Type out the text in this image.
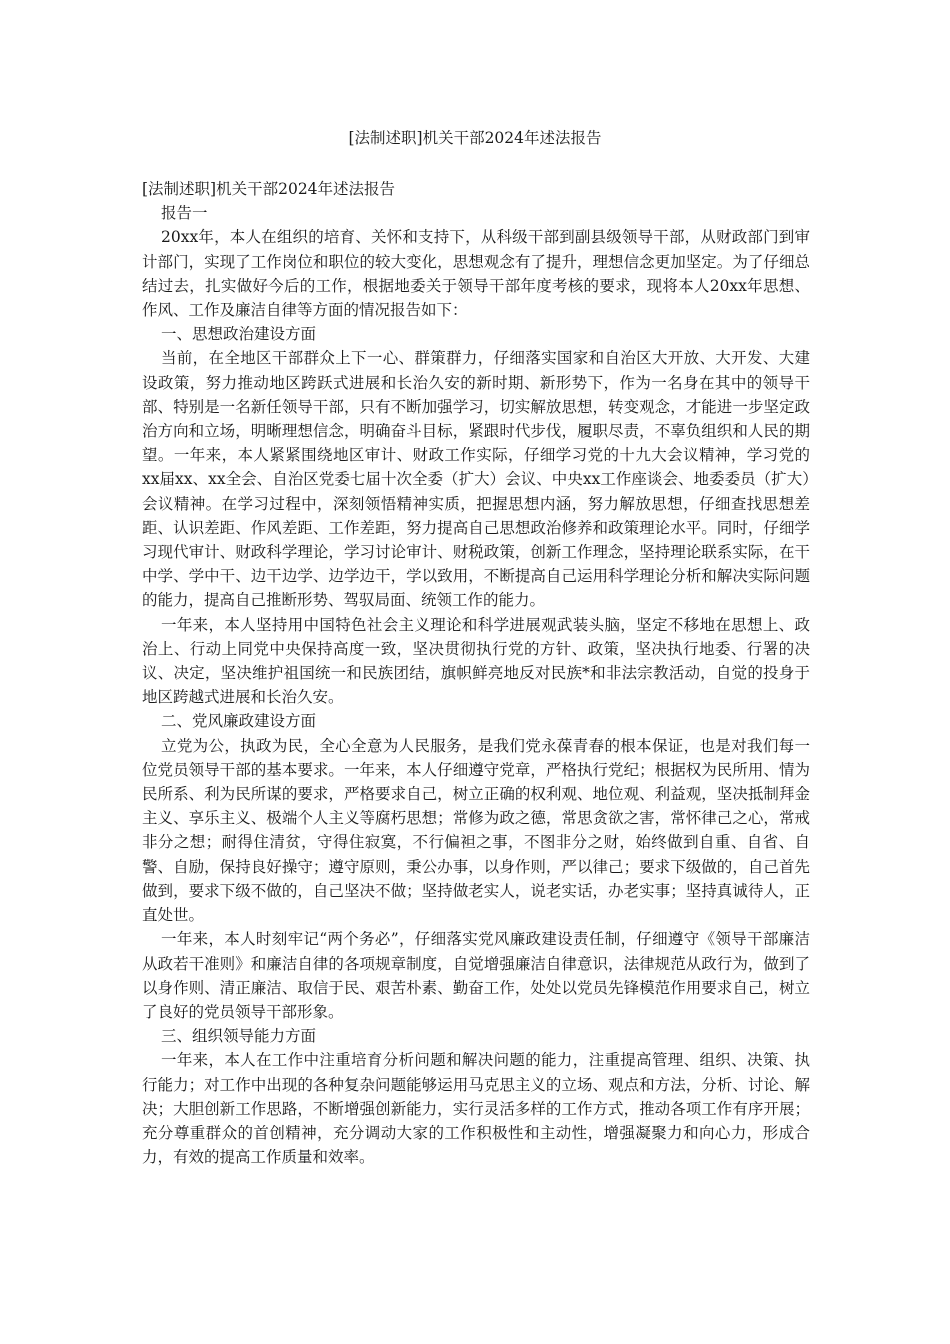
[法制述职]机关干部2024年述法报告

[法制述职]机关干部2024年述法报告

报告一

20xx年，本人在组织的培育、关怀和支持下，从科级干部到副县级领导干部，从财政部门到审计部门，实现了工作岗位和职位的较大变化，思想观念有了提升，理想信念更加坚定。为了仔细总结过去，扎实做好今后的工作，根据地委关于领导干部年度考核的要求，现将本人20xx年思想、作风、工作及廉洁自律等方面的情况报告如下：

一、思想政治建设方面

当前，在全地区干部群众上下一心、群策群力，仔细落实国家和自治区大开放、大开发、大建设政策，努力推动地区跨跃式进展和长治久安的新时期、新形势下，作为一名身在其中的领导干部、特别是一名新任领导干部，只有不断加强学习，切实解放思想，转变观念，才能进一步坚定政治方向和立场，明晰理想信念，明确奋斗目标，紧跟时代步伐，履职尽责，不辜负组织和人民的期望。一年来，本人紧紧围绕地区审计、财政工作实际，仔细学习党的十九大会议精神，学习党的xx届xx、xx全会、自治区党委七届十次全委（扩大）会议、中央xx工作座谈会、地委委员（扩大）会议精神。在学习过程中，深刻领悟精神实质，把握思想内涵，努力解放思想，仔细查找思想差距、认识差距、作风差距、工作差距，努力提高自己思想政治修养和政策理论水平。同时，仔细学习现代审计、财政科学理论，学习讨论审计、财税政策，创新工作理念，坚持理论联系实际，在干中学、学中干、边干边学、边学边干，学以致用，不断提高自己运用科学理论分析和解决实际问题的能力，提高自己推断形势、驾驭局面、统领工作的能力。

一年来，本人坚持用中国特色社会主义理论和科学进展观武装头脑，坚定不移地在思想上、政治上、行动上同党中央保持高度一致，坚决贯彻执行党的方针、政策，坚决执行地委、行署的决议、决定，坚决维护祖国统一和民族团结，旗帜鲜亮地反对民族*和非法宗教活动，自觉的投身于地区跨越式进展和长治久安。

二、党风廉政建设方面

立党为公，执政为民，全心全意为人民服务，是我们党永葆青春的根本保证，也是对我们每一位党员领导干部的基本要求。一年来，本人仔细遵守党章，严格执行党纪；根据权为民所用、情为民所系、利为民所谋的要求，严格要求自己，树立正确的权利观、地位观、利益观，坚决抵制拜金主义、享乐主义、极端个人主义等腐朽思想；常修为政之德，常思贪欲之害，常怀律己之心，常戒非分之想；耐得住清贫，守得住寂寞，不行偏袒之事，不图非分之财，始终做到自重、自省、自警、自励，保持良好操守；遵守原则，秉公办事，以身作则，严以律己；要求下级做的，自己首先做到，要求下级不做的，自己坚决不做；坚持做老实人，说老实话，办老实事；坚持真诚待人，正直处世。

一年来，本人时刻牢记“两个务必”，仔细落实党风廉政建设责任制，仔细遵守《领导干部廉洁从政若干准则》和廉洁自律的各项规章制度，自觉增强廉洁自律意识，法律规范从政行为，做到了以身作则、清正廉洁、取信于民、艰苦朴素、勤奋工作，处处以党员先锋模范作用要求自己，树立了良好的党员领导干部形象。

三、组织领导能力方面

一年来，本人在工作中注重培育分析问题和解决问题的能力，注重提高管理、组织、决策、执行能力；对工作中出现的各种复杂问题能够运用马克思主义的立场、观点和方法，分析、讨论、解决；大胆创新工作思路，不断增强创新能力，实行灵活多样的工作方式，推动各项工作有序开展；充分尊重群众的首创精神，充分调动大家的工作积极性和主动性，增强凝聚力和向心力，形成合力，有效的提高工作质量和效率。
